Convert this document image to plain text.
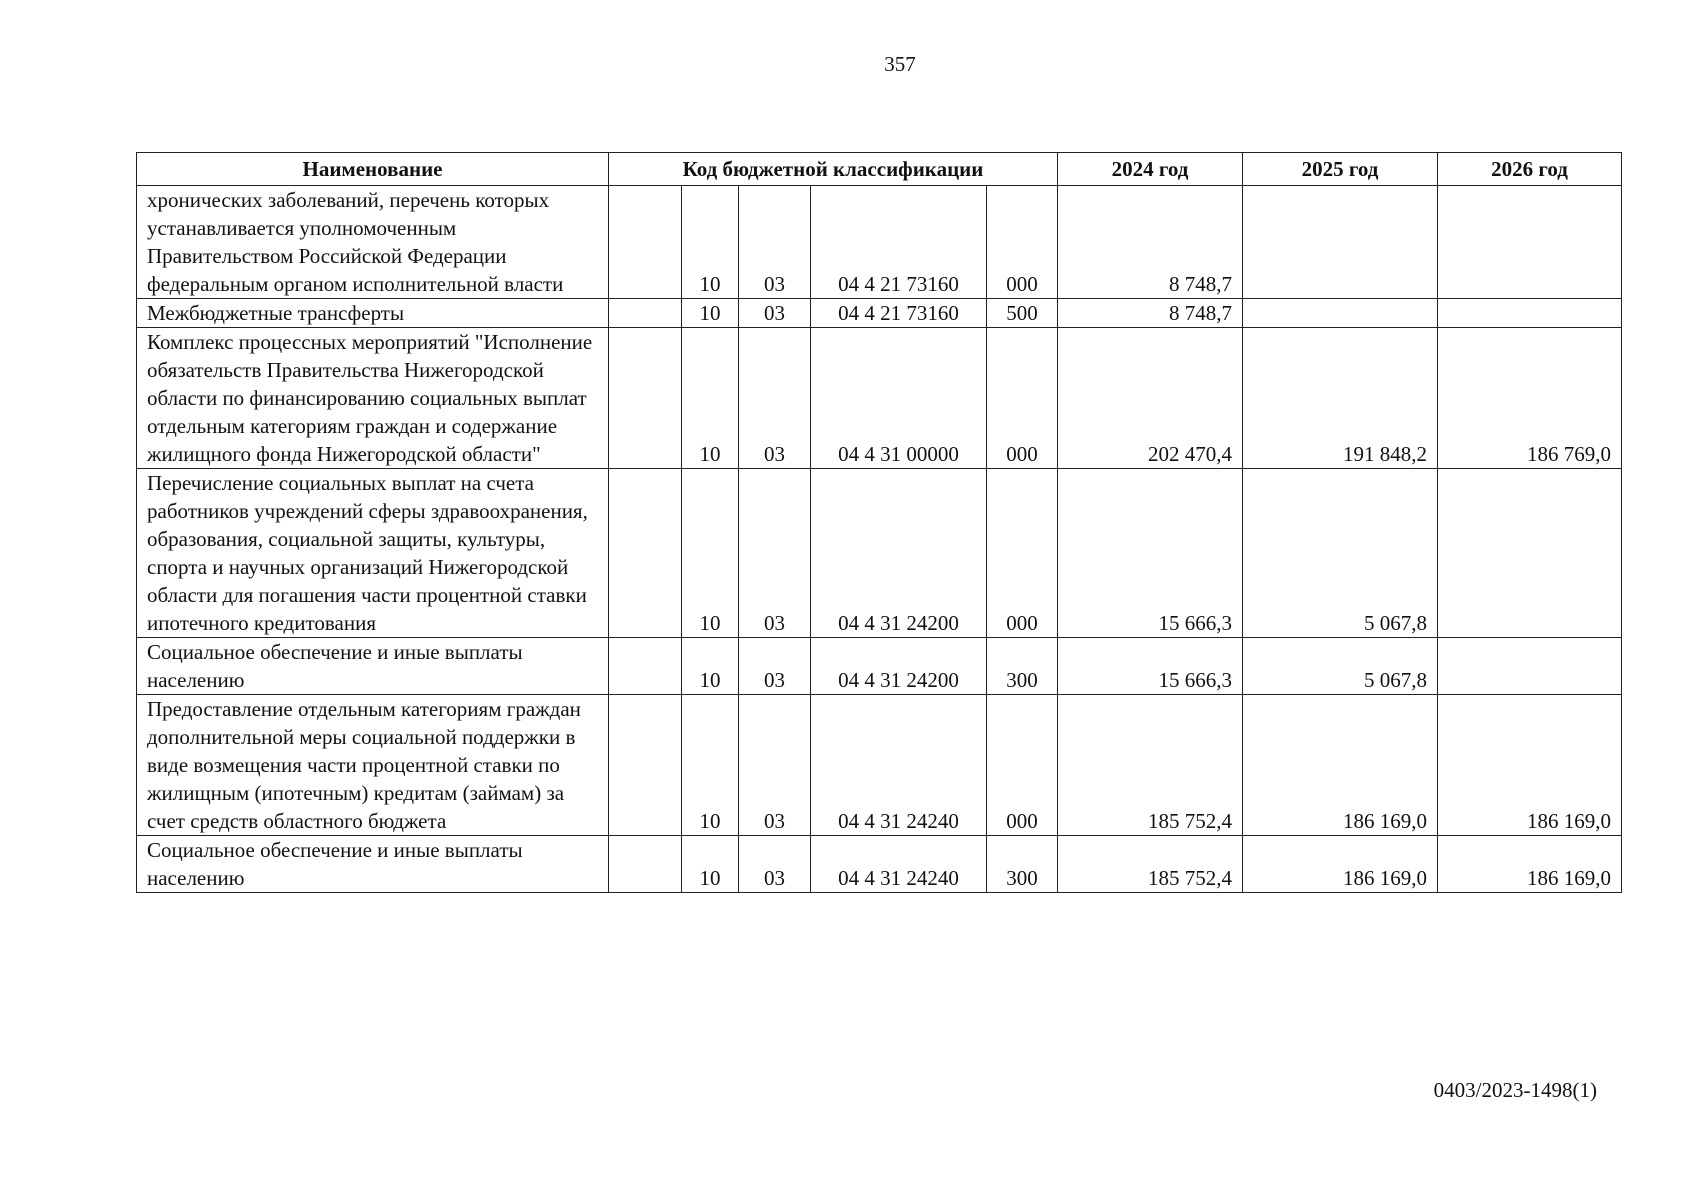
357
Наименование	Код бюджетной классификации					2024 год	2025 год	2026 год
хронических заболеваний, перечень которых устанавливается уполномоченным Правительством Российской Федерации федеральным органом исполнительной власти		10	03	04 4 21 73160	000	8 748,7		
Межбюджетные трансферты		10	03	04 4 21 73160	500	8 748,7		
Комплекс процессных мероприятий "Исполнение обязательств Правительства Нижегородской области по финансированию социальных выплат отдельным категориям граждан и содержание жилищного фонда Нижегородской области"		10	03	04 4 31 00000	000	202 470,4	191 848,2	186 769,0
Перечисление социальных выплат на счета работников учреждений сферы здравоохранения, образования, социальной защиты, культуры, спорта и научных организаций Нижегородской области для погашения части процентной ставки ипотечного кредитования		10	03	04 4 31 24200	000	15 666,3	5 067,8	
Социальное обеспечение и иные выплаты населению		10	03	04 4 31 24200	300	15 666,3	5 067,8	
Предоставление отдельным категориям граждан дополнительной меры социальной поддержки в виде возмещения части процентной ставки по жилищным (ипотечным) кредитам (займам) за счет средств областного бюджета		10	03	04 4 31 24240	000	185 752,4	186 169,0	186 169,0
Социальное обеспечение и иные выплаты населению		10	03	04 4 31 24240	300	185 752,4	186 169,0	186 169,0
0403/2023-1498(1)
